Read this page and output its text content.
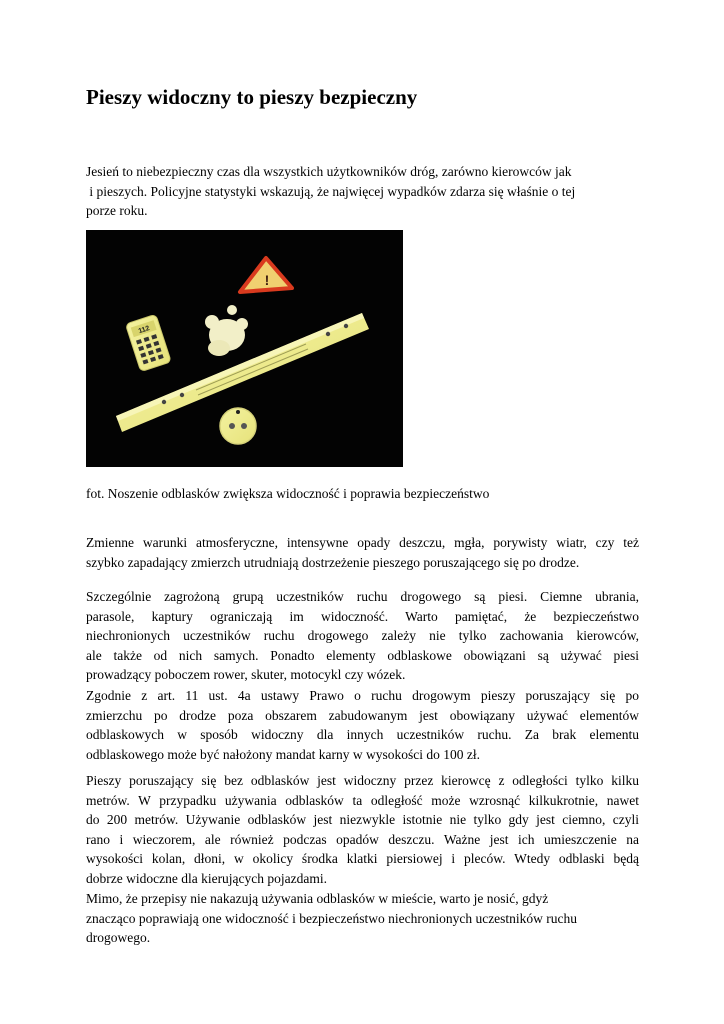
Pieszy widoczny to pieszy bezpieczny

Jesień to niebezpieczny czas dla wszystkich użytkowników dróg, zarówno kierowców jak
i pieszych. Policyjne statystyki wskazują, że najwięcej wypadków zdarza się właśnie o tej
porze roku.

!
112

fot. Noszenie odblasków zwiększa widoczność i poprawia bezpieczeństwo

Zmienne warunki atmosferyczne, intensywne opady deszczu, mgła, porywisty wiatr, czy też
szybko zapadający zmierzch utrudniają dostrzeżenie pieszego poruszającego się po drodze.

Szczególnie zagrożoną grupą uczestników ruchu drogowego są piesi. Ciemne ubrania,
parasole, kaptury ograniczają im widoczność. Warto pamiętać, że bezpieczeństwo
niechronionych uczestników ruchu drogowego zależy nie tylko zachowania kierowców,
ale także od nich samych. Ponadto elementy odblaskowe obowiązani są używać piesi
prowadzący poboczem rower, skuter, motocykl czy wózek.

Zgodnie z art. 11 ust. 4a ustawy Prawo o ruchu drogowym pieszy poruszający się po
zmierzchu po drodze poza obszarem zabudowanym jest obowiązany używać elementów
odblaskowych w sposób widoczny dla innych uczestników ruchu. Za brak elementu
odblaskowego może być nałożony mandat karny w wysokości do 100 zł.

Pieszy poruszający się bez odblasków jest widoczny przez kierowcę z odległości tylko kilku
metrów. W przypadku używania odblasków ta odległość może wzrosnąć kilkukrotnie, nawet
do 200 metrów. Używanie odblasków jest niezwykle istotnie nie tylko gdy jest ciemno, czyli
rano i wieczorem, ale również podczas opadów deszczu. Ważne jest ich umieszczenie na
wysokości kolan, dłoni, w okolicy środka klatki piersiowej i pleców. Wtedy odblaski będą
dobrze widoczne dla kierujących pojazdami.

Mimo, że przepisy nie nakazują używania odblasków w mieście, warto je nosić, gdyż
znacząco poprawiają one widoczność i bezpieczeństwo niechronionych uczestników ruchu
drogowego.
